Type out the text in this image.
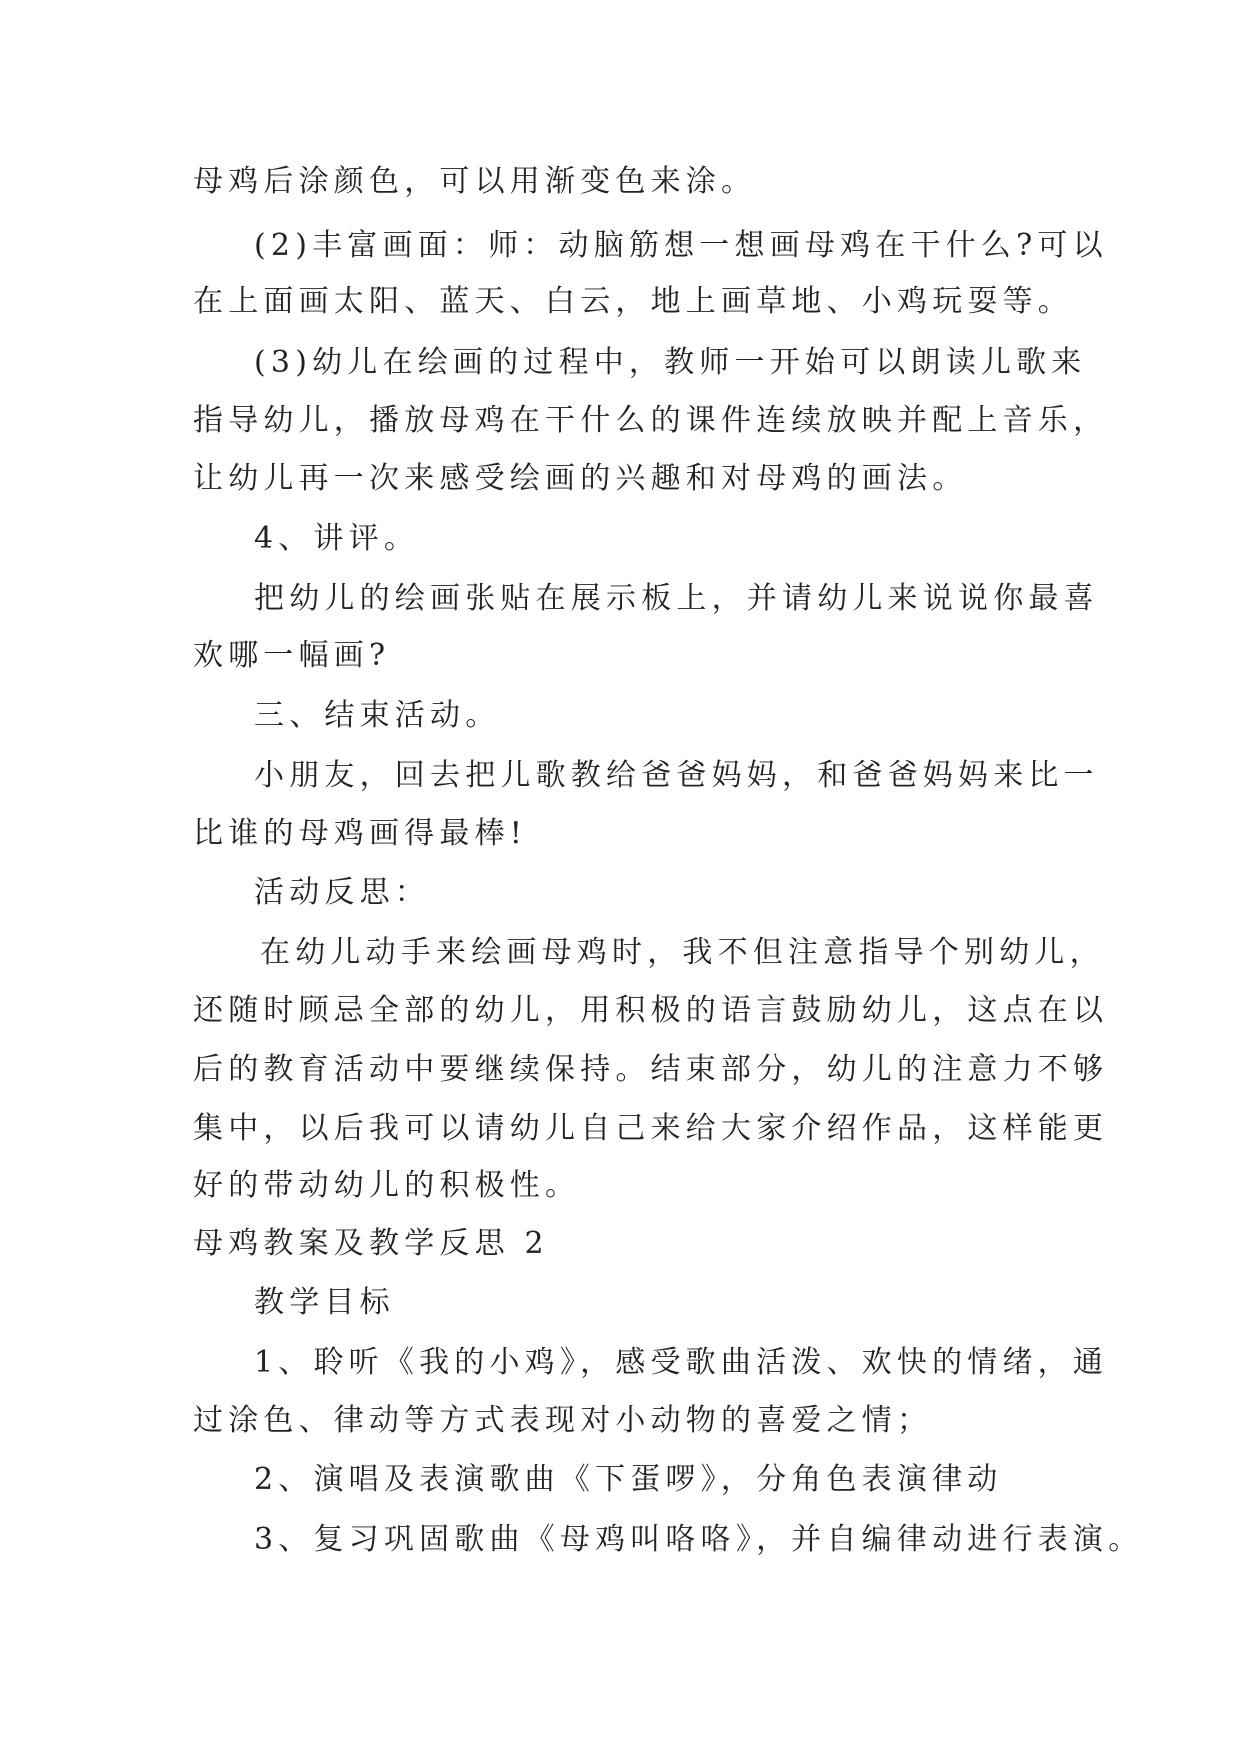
母鸡后涂颜色，可以用渐变色来涂。
(2)丰富画面：师：动脑筋想一想画母鸡在干什么?可以
在上面画太阳、蓝天、白云，地上画草地、小鸡玩耍等。
(3)幼儿在绘画的过程中，教师一开始可以朗读儿歌来
指导幼儿，播放母鸡在干什么的课件连续放映并配上音乐，
让幼儿再一次来感受绘画的兴趣和对母鸡的画法。
4、讲评。
把幼儿的绘画张贴在展示板上，并请幼儿来说说你最喜
欢哪一幅画?
三、结束活动。
小朋友，回去把儿歌教给爸爸妈妈，和爸爸妈妈来比一
比谁的母鸡画得最棒!
活动反思：
在幼儿动手来绘画母鸡时，我不但注意指导个别幼儿，
还随时顾忌全部的幼儿，用积极的语言鼓励幼儿，这点在以
后的教育活动中要继续保持。结束部分，幼儿的注意力不够
集中，以后我可以请幼儿自己来给大家介绍作品，这样能更
好的带动幼儿的积极性。
母鸡教案及教学反思 2
教学目标
1、聆听《我的小鸡》，感受歌曲活泼、欢快的情绪，通
过涂色、律动等方式表现对小动物的喜爱之情；
2、演唱及表演歌曲《下蛋啰》，分角色表演律动
3、复习巩固歌曲《母鸡叫咯咯》，并自编律动进行表演。
